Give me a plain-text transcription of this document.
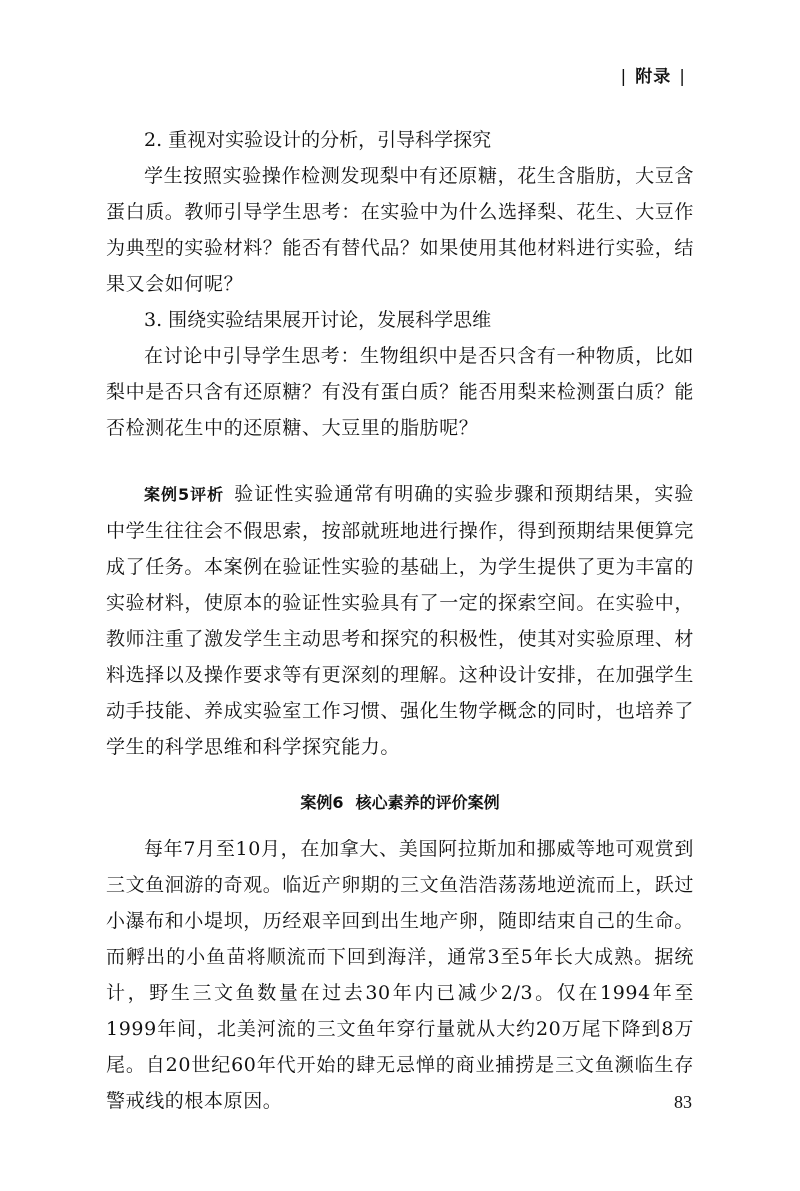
| 附录 |

2. 重视对实验设计的分析，引导科学探究

学生按照实验操作检测发现梨中有还原糖，花生含脂肪，大豆含蛋白质。教师引导学生思考：在实验中为什么选择梨、花生、大豆作为典型的实验材料？能否有替代品？如果使用其他材料进行实验，结果又会如何呢？

3. 围绕实验结果展开讨论，发展科学思维

在讨论中引导学生思考：生物组织中是否只含有一种物质，比如梨中是否只含有还原糖？有没有蛋白质？能否用梨来检测蛋白质？能否检测花生中的还原糖、大豆里的脂肪呢？

案例5评析 验证性实验通常有明确的实验步骤和预期结果，实验中学生往往会不假思索，按部就班地进行操作，得到预期结果便算完成了任务。本案例在验证性实验的基础上，为学生提供了更为丰富的实验材料，使原本的验证性实验具有了一定的探索空间。在实验中，教师注重了激发学生主动思考和探究的积极性，使其对实验原理、材料选择以及操作要求等有更深刻的理解。这种设计安排，在加强学生动手技能、养成实验室工作习惯、强化生物学概念的同时，也培养了学生的科学思维和科学探究能力。

案例6 核心素养的评价案例

每年7月至10月，在加拿大、美国阿拉斯加和挪威等地可观赏到三文鱼洄游的奇观。临近产卵期的三文鱼浩浩荡荡地逆流而上，跃过小瀑布和小堤坝，历经艰辛回到出生地产卵，随即结束自己的生命。而孵出的小鱼苗将顺流而下回到海洋，通常3至5年长大成熟。据统计，野生三文鱼数量在过去30年内已减少2/3。仅在1994年至1999年间，北美河流的三文鱼年穿行量就从大约20万尾下降到8万尾。自20世纪60年代开始的肆无忌惮的商业捕捞是三文鱼濒临生存警戒线的根本原因。	83
